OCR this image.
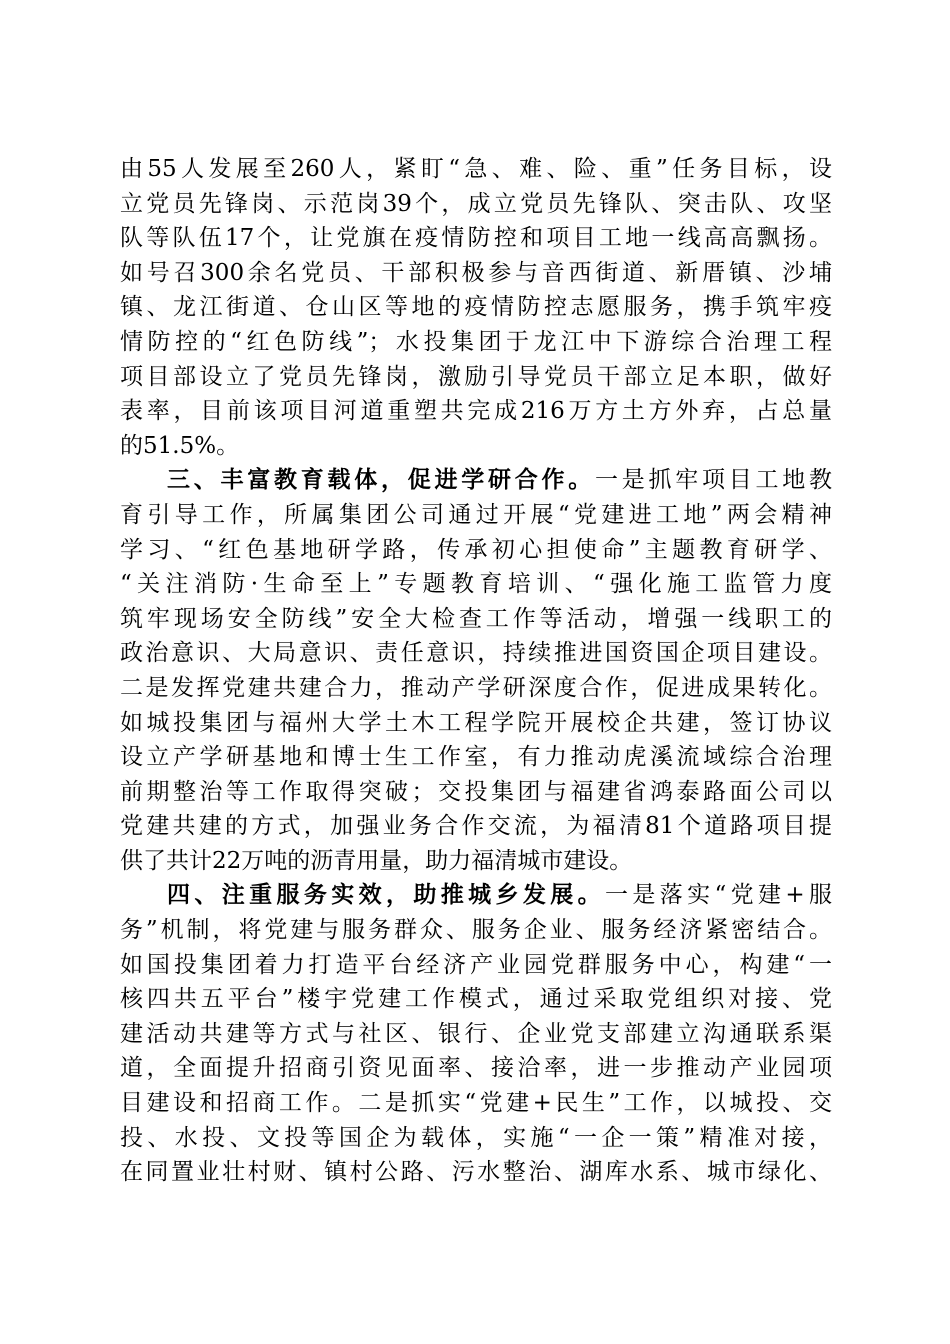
由55人发展至260人，紧盯“急、难、险、重”任务目标，设
立党员先锋岗、示范岗39个，成立党员先锋队、突击队、攻坚
队等队伍17个，让党旗在疫情防控和项目工地一线高高飘扬。
如号召300余名党员、干部积极参与音西街道、新厝镇、沙埔
镇、龙江街道、仓山区等地的疫情防控志愿服务，携手筑牢疫
情防控的“红色防线”；水投集团于龙江中下游综合治理工程
项目部设立了党员先锋岗，激励引导党员干部立足本职，做好
表率，目前该项目河道重塑共完成216万方土方外弃，占总量
的51.5%。
三、丰富教育载体，促进学研合作。一是抓牢项目工地教
育引导工作，所属集团公司通过开展“党建进工地”两会精神
学习、“红色基地研学路，传承初心担使命”主题教育研学、
“关注消防·生命至上”专题教育培训、“强化施工监管力度
筑牢现场安全防线”安全大检查工作等活动，增强一线职工的
政治意识、大局意识、责任意识，持续推进国资国企项目建设。
二是发挥党建共建合力，推动产学研深度合作，促进成果转化。
如城投集团与福州大学土木工程学院开展校企共建，签订协议
设立产学研基地和博士生工作室，有力推动虎溪流域综合治理
前期整治等工作取得突破；交投集团与福建省鸿泰路面公司以
党建共建的方式，加强业务合作交流，为福清81个道路项目提
供了共计22万吨的沥青用量，助力福清城市建设。
四、注重服务实效，助推城乡发展。一是落实“党建+服
务”机制，将党建与服务群众、服务企业、服务经济紧密结合。
如国投集团着力打造平台经济产业园党群服务中心，构建“一
核四共五平台”楼宇党建工作模式，通过采取党组织对接、党
建活动共建等方式与社区、银行、企业党支部建立沟通联系渠
道，全面提升招商引资见面率、接洽率，进一步推动产业园项
目建设和招商工作。二是抓实“党建+民生”工作，以城投、交
投、水投、文投等国企为载体，实施“一企一策”精准对接，
在同置业壮村财、镇村公路、污水整治、湖库水系、城市绿化、
